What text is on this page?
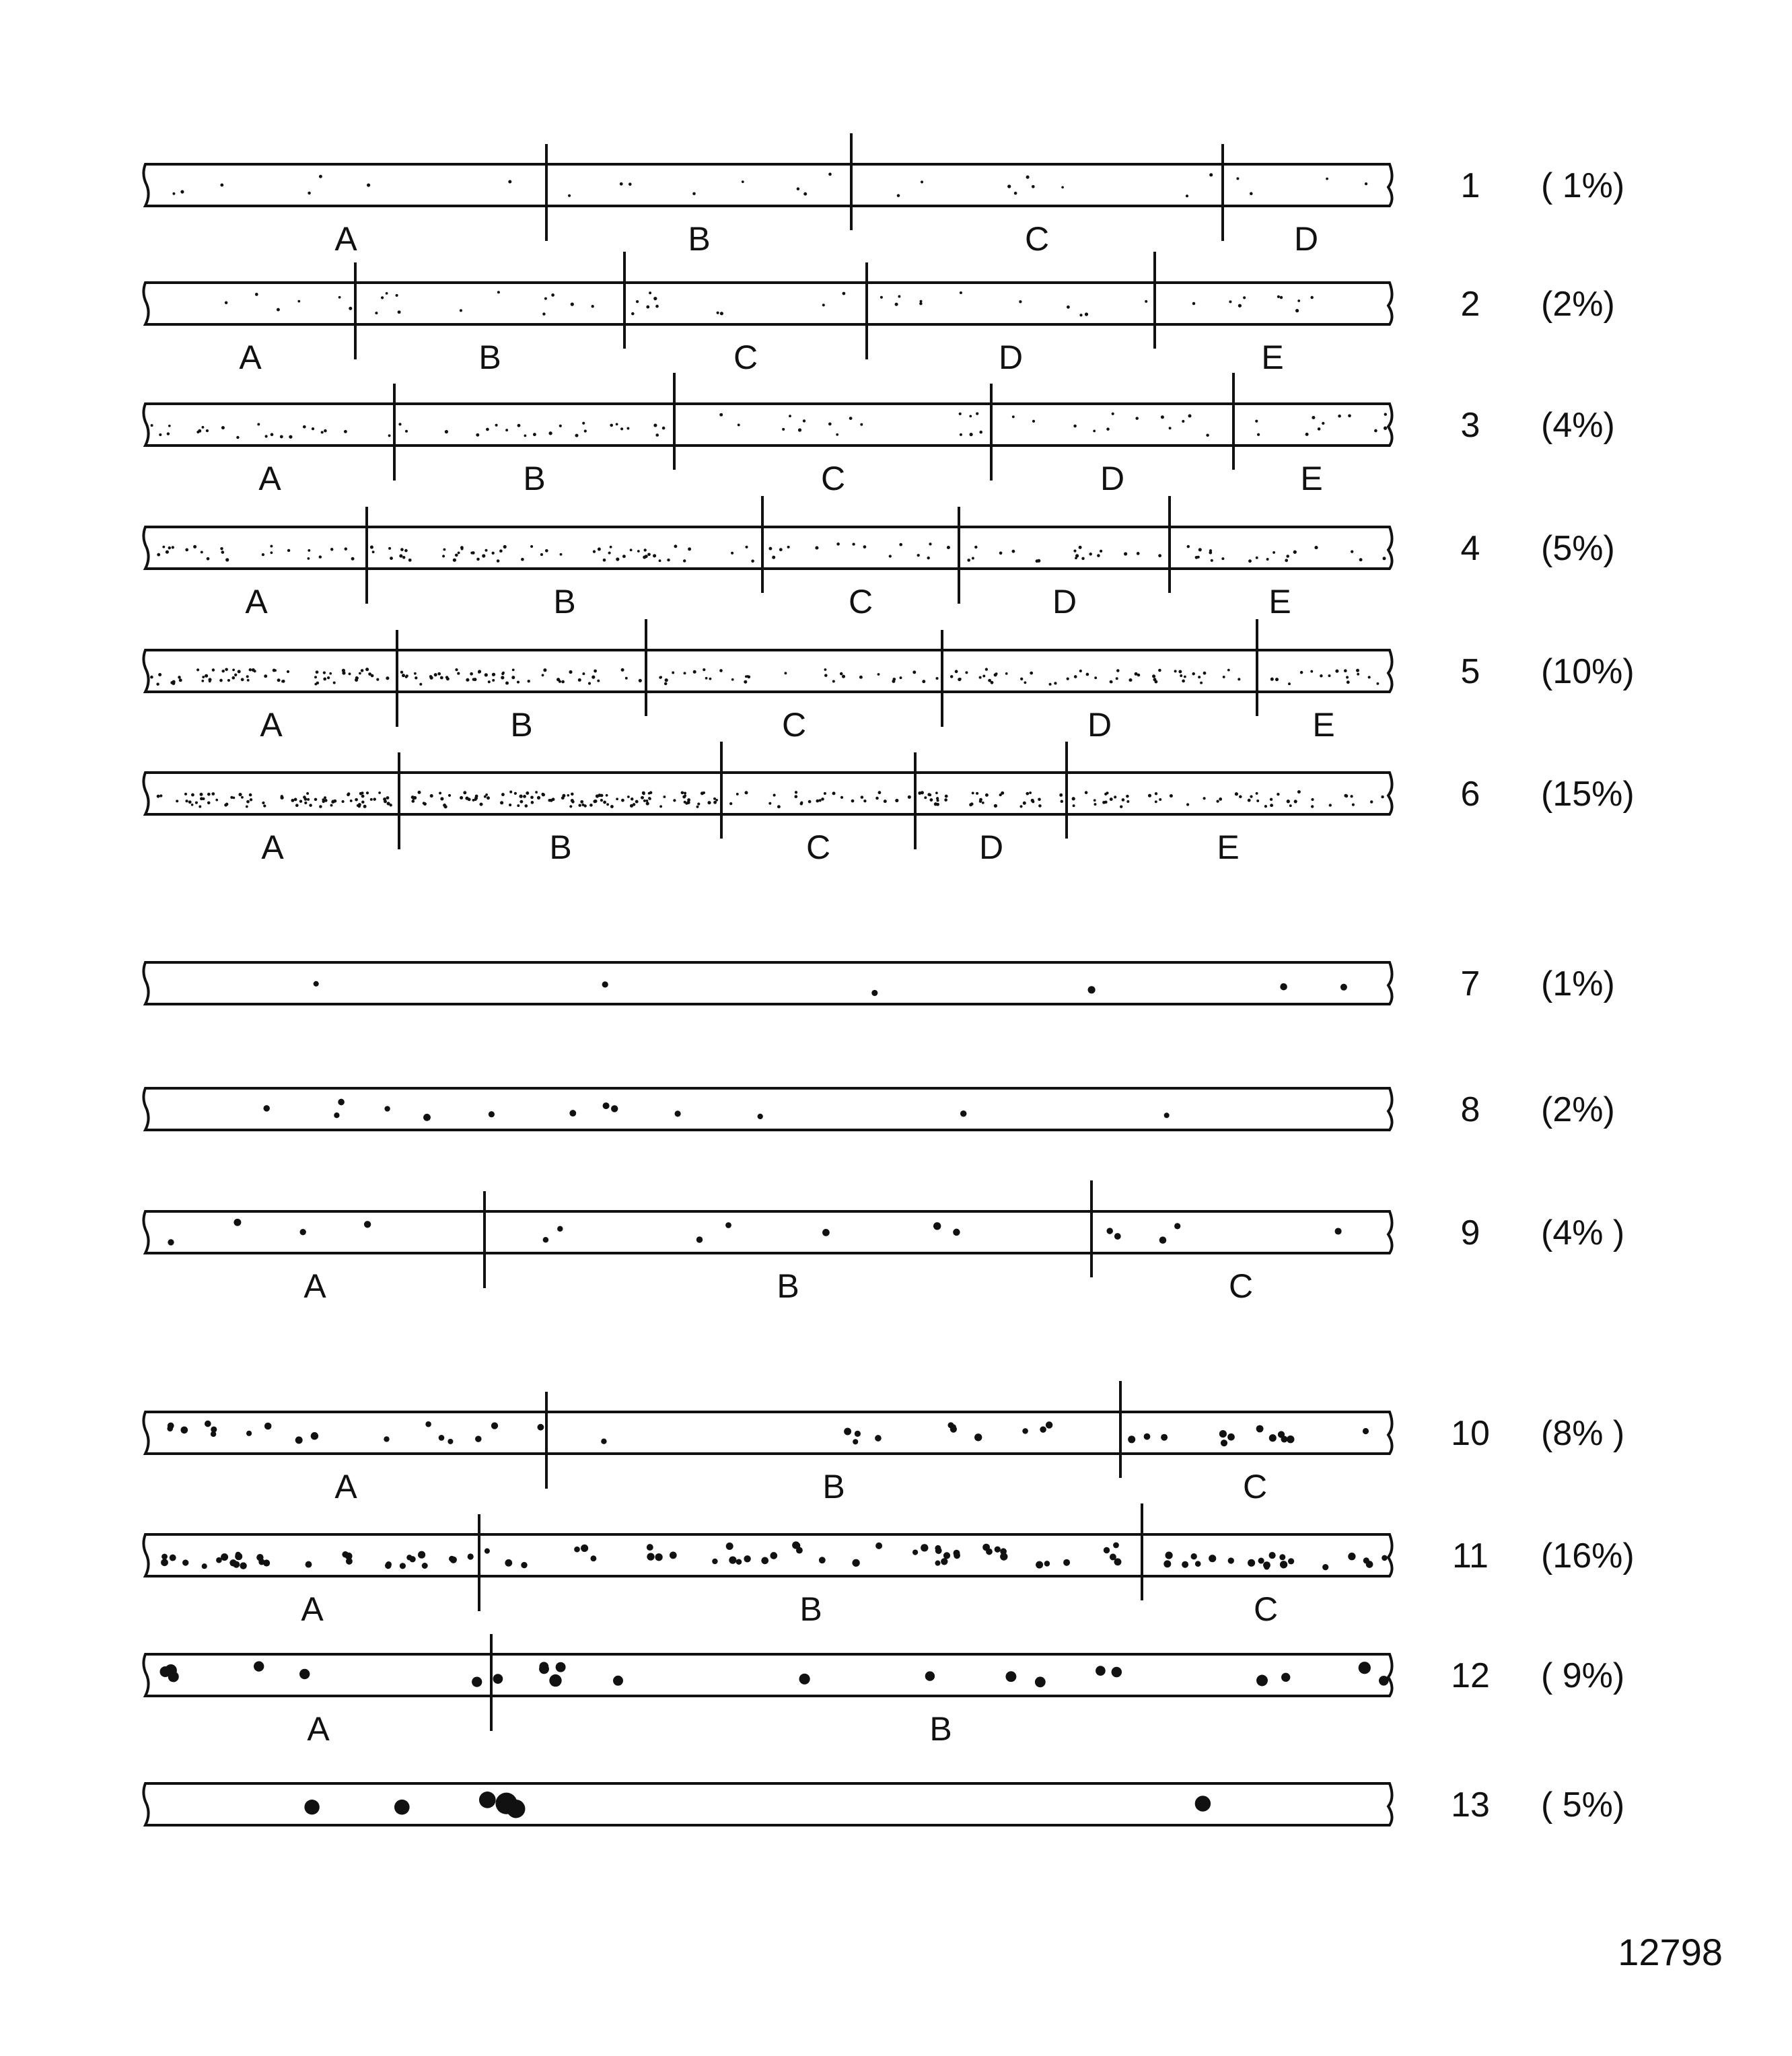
A	B	C	D
1 ( 1%)
A	B	C	D	E
2 (2%)
A	B	C	D	E
3 (4%)
A	B	C	D	E
4 (5%)
A	B	C	D	E
5 (10%)
A	B	C	D	E
6 (15%)
7 (1%)
8 (2%)
A	B	C
9 (4% )
A	B	C
10 (8% )
A	B	C
11 (16%)
A	B
12 ( 9%)
13 ( 5%)
12798
